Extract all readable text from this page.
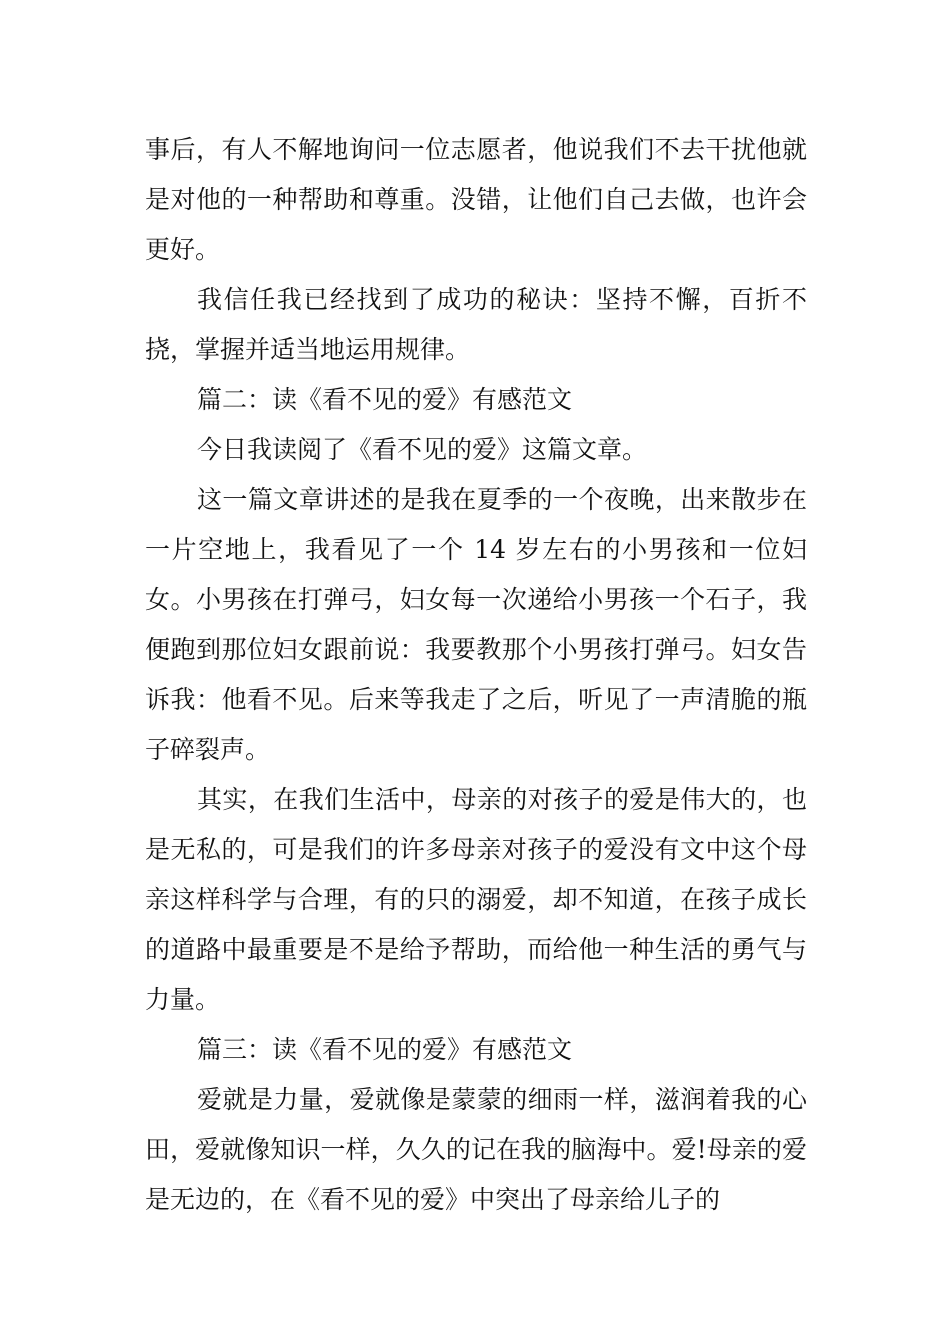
事后，有人不解地询问一位志愿者，他说我们不去干扰他就是对他的一种帮助和尊重。没错，让他们自己去做，也许会更好。

我信任我已经找到了成功的秘诀：坚持不懈，百折不挠，掌握并适当地运用规律。

篇二：读《看不见的爱》有感范文

今日我读阅了《看不见的爱》这篇文章。

这一篇文章讲述的是我在夏季的一个夜晚，出来散步在一片空地上，我看见了一个 14 岁左右的小男孩和一位妇女。小男孩在打弹弓，妇女每一次递给小男孩一个石子，我便跑到那位妇女跟前说：我要教那个小男孩打弹弓。妇女告诉我：他看不见。后来等我走了之后，听见了一声清脆的瓶子碎裂声。

其实，在我们生活中，母亲的对孩子的爱是伟大的，也是无私的，可是我们的许多母亲对孩子的爱没有文中这个母亲这样科学与合理，有的只的溺爱，却不知道，在孩子成长 的道路中最重要是不是给予帮助，而给他一种生活的勇气与力量。

篇三：读《看不见的爱》有感范文

爱就是力量，爱就像是蒙蒙的细雨一样，滋润着我的心田，爱就像知识一样，久久的记在我的脑海中。爱!母亲的爱是无边的，在《看不见的爱》中突出了母亲给儿子的
